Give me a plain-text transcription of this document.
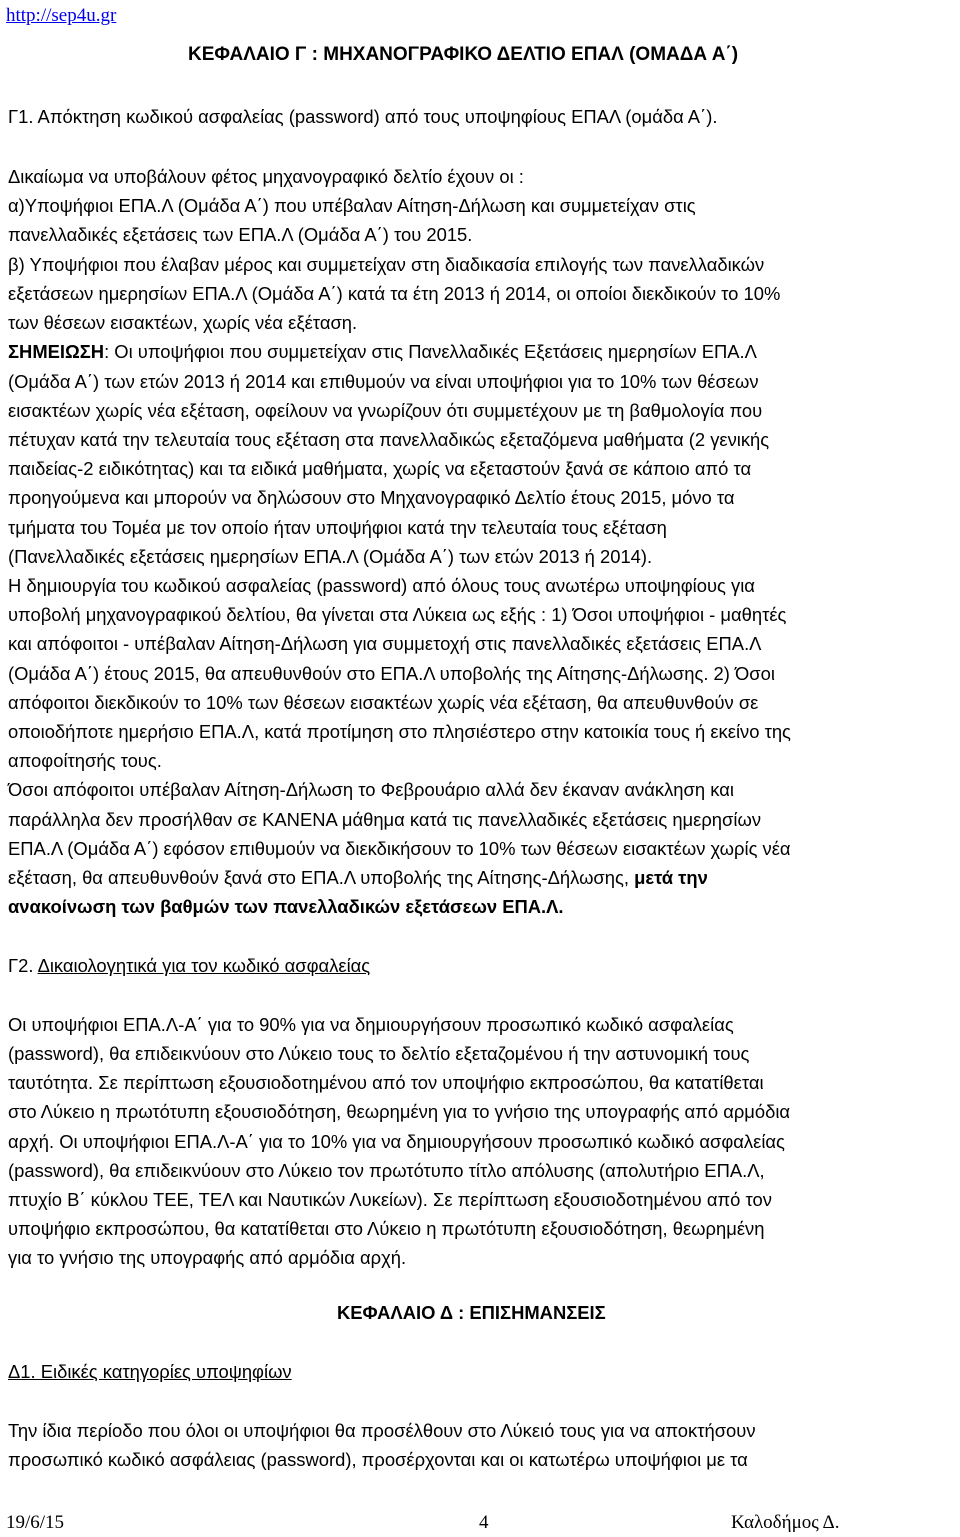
http://sep4u.gr
ΚΕΦΑΛΑΙΟ Γ : ΜΗΧΑΝΟΓΡΑΦΙΚΟ ΔΕΛΤΙΟ ΕΠΑΛ (ΟΜΑΔΑ Α΄)
Γ1. Απόκτηση κωδικού ασφαλείας (password) από τους υποψηφίους ΕΠΑΛ (ομάδα Α΄).
Δικαίωμα να υποβάλουν φέτος μηχανογραφικό δελτίο έχουν οι :
α)Υποψήφιοι ΕΠΑ.Λ (Ομάδα Α΄) που υπέβαλαν Αίτηση-Δήλωση και συμμετείχαν στις
πανελλαδικές εξετάσεις των ΕΠΑ.Λ (Ομάδα Α΄) του 2015.
β) Υποψήφιοι που έλαβαν μέρος και συμμετείχαν στη διαδικασία επιλογής των πανελλαδικών
εξετάσεων ημερησίων ΕΠΑ.Λ (Ομάδα Α΄) κατά τα έτη 2013 ή 2014, οι οποίοι διεκδικούν το 10%
των θέσεων εισακτέων, χωρίς νέα εξέταση.
ΣΗΜΕΙΩΣΗ: Οι υποψήφιοι που συμμετείχαν στις Πανελλαδικές Εξετάσεις ημερησίων ΕΠΑ.Λ
(Ομάδα Α΄) των ετών 2013 ή 2014 και επιθυμούν να είναι υποψήφιοι για το 10% των θέσεων
εισακτέων χωρίς νέα εξέταση, οφείλουν να γνωρίζουν ότι συμμετέχουν με τη βαθμολογία που
πέτυχαν κατά την τελευταία τους εξέταση στα πανελλαδικώς εξεταζόμενα μαθήματα (2 γενικής
παιδείας-2 ειδικότητας) και τα ειδικά μαθήματα, χωρίς να εξεταστούν ξανά σε κάποιο από τα
προηγούμενα και μπορούν να δηλώσουν στο Μηχανογραφικό Δελτίο έτους 2015, μόνο τα
τμήματα του Τομέα με τον οποίο ήταν υποψήφιοι κατά την τελευταία τους εξέταση
(Πανελλαδικές εξετάσεις ημερησίων ΕΠΑ.Λ (Ομάδα Α΄) των ετών 2013 ή 2014).
Η δημιουργία του κωδικού ασφαλείας (password) από όλους τους ανωτέρω υποψηφίους για
υποβολή μηχανογραφικού δελτίου, θα γίνεται στα Λύκεια ως εξής : 1) Όσοι υποψήφιοι - μαθητές
και απόφοιτοι - υπέβαλαν Αίτηση-Δήλωση για συμμετοχή στις πανελλαδικές εξετάσεις ΕΠΑ.Λ
(Ομάδα Α΄) έτους 2015, θα απευθυνθούν στο ΕΠΑ.Λ υποβολής της Αίτησης-Δήλωσης. 2) Όσοι
απόφοιτοι διεκδικούν το 10% των θέσεων εισακτέων χωρίς νέα εξέταση, θα απευθυνθούν σε
οποιοδήποτε ημερήσιο ΕΠΑ.Λ, κατά προτίμηση στο πλησιέστερο στην κατοικία τους ή εκείνο της
αποφοίτησής τους.
Όσοι απόφοιτοι υπέβαλαν Αίτηση-Δήλωση το Φεβρουάριο αλλά δεν έκαναν ανάκληση και
παράλληλα δεν προσήλθαν σε ΚΑΝΕΝΑ μάθημα κατά τις πανελλαδικές εξετάσεις ημερησίων
ΕΠΑ.Λ (Ομάδα Α΄) εφόσον επιθυμούν να διεκδικήσουν το 10% των θέσεων εισακτέων χωρίς νέα
εξέταση, θα απευθυνθούν ξανά στο ΕΠΑ.Λ υποβολής της Αίτησης-Δήλωσης, μετά την
ανακοίνωση των βαθμών των πανελλαδικών εξετάσεων ΕΠΑ.Λ.
Γ2. Δικαιολογητικά για τον κωδικό ασφαλείας
Οι υποψήφιοι ΕΠΑ.Λ-Α΄ για το 90% για να δημιουργήσουν προσωπικό κωδικό ασφαλείας
(password), θα επιδεικνύουν στο Λύκειο τους το δελτίο εξεταζομένου ή την αστυνομική τους
ταυτότητα. Σε περίπτωση εξουσιοδοτημένου από τον υποψήφιο εκπροσώπου, θα κατατίθεται
στο Λύκειο η πρωτότυπη εξουσιοδότηση, θεωρημένη για το γνήσιο της υπογραφής από αρμόδια
αρχή. Οι υποψήφιοι ΕΠΑ.Λ-Α΄ για το 10% για να δημιουργήσουν προσωπικό κωδικό ασφαλείας
(password), θα επιδεικνύουν στο Λύκειο τον πρωτότυπο τίτλο απόλυσης (απολυτήριο ΕΠΑ.Λ,
πτυχίο Β΄ κύκλου ΤΕΕ, ΤΕΛ και Ναυτικών Λυκείων). Σε περίπτωση εξουσιοδοτημένου από τον
υποψήφιο εκπροσώπου, θα κατατίθεται στο Λύκειο η πρωτότυπη εξουσιοδότηση, θεωρημένη
για το γνήσιο της υπογραφής από αρμόδια αρχή.
ΚΕΦΑΛΑΙΟ Δ : ΕΠΙΣΗΜΑΝΣΕΙΣ
Δ1. Ειδικές κατηγορίες υποψηφίων
Την ίδια περίοδο που όλοι οι υποψήφιοι θα προσέλθουν στο Λύκειό τους για να αποκτήσουν
προσωπικό κωδικό ασφάλειας (password), προσέρχονται και οι κατωτέρω υποψήφιοι με τα
19/6/15	4	Καλοδήμος Δ.
